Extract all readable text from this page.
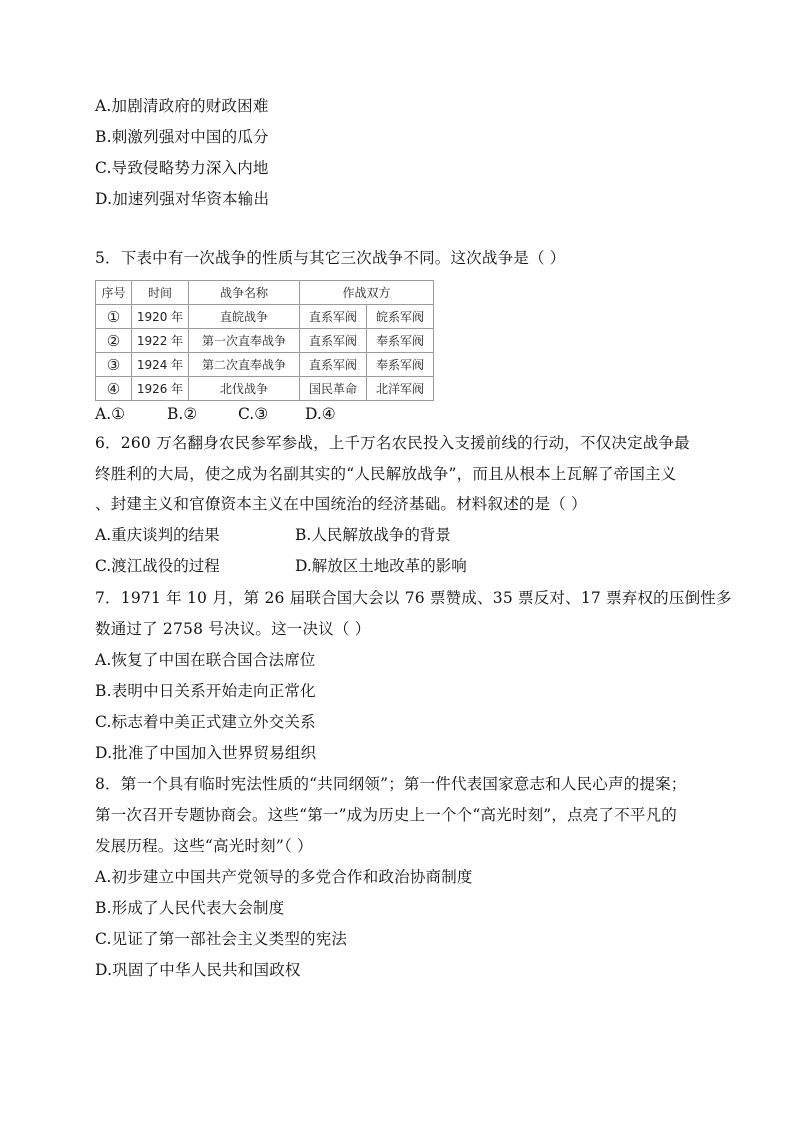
A.加剧清政府的财政困难
B.刺激列强对中国的瓜分
C.导致侵略势力深入内地
D.加速列强对华资本输出
5．下表中有一次战争的性质与其它三次战争不同。这次战争是（ ）
序号	时间	战争名称	作战双方	
①	1920 年	直皖战争	直系军阀	皖系军阀
②	1922 年	第一次直奉战争	直系军阀	奉系军阀
③	1924 年	第二次直奉战争	直系军阀	奉系军阀
④	1926 年	北伐战争	国民革命	北洋军阀
A.①	B.②	C.③ D.④
6．260 万名翻身农民参军参战，上千万名农民投入支援前线的行动，不仅决定战争最
终胜利的大局，使之成为名副其实的“人民解放战争”，而且从根本上瓦解了帝国主义
、封建主义和官僚资本主义在中国统治的经济基础。材料叙述的是（ ）
A.重庆谈判的结果	B.人民解放战争的背景
C.渡江战役的过程	D.解放区土地改革的影响
7．1971 年 10 月，第 26 届联合国大会以 76 票赞成、35 票反对、17 票弃权的压倒性多
数通过了 2758 号决议。这一决议（ ）
A.恢复了中国在联合国合法席位
B.表明中日关系开始走向正常化
C.标志着中美正式建立外交关系
D.批准了中国加入世界贸易组织
8．第一个具有临时宪法性质的“共同纲领”；第一件代表国家意志和人民心声的提案；
第一次召开专题协商会。这些“第一”成为历史上一个个“高光时刻”，点亮了不平凡的
发展历程。这些“高光时刻”（ ）
A.初步建立中国共产党领导的多党合作和政治协商制度
B.形成了人民代表大会制度
C.见证了第一部社会主义类型的宪法
D.巩固了中华人民共和国政权
